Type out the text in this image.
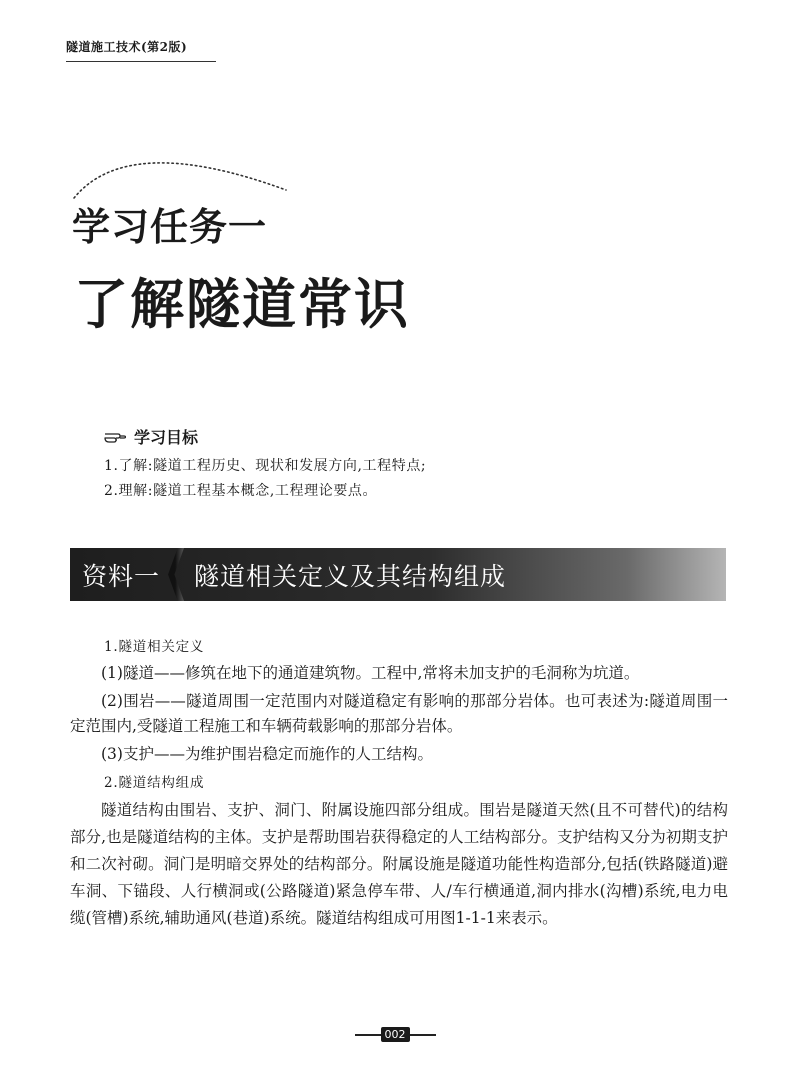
隧道施工技术(第2版)
学习任务一
了解隧道常识
学习目标
1.了解:隧道工程历史、现状和发展方向,工程特点;
2.理解:隧道工程基本概念,工程理论要点。
资料一 隧道相关定义及其结构组成
1.隧道相关定义

(1)隧道——修筑在地下的通道建筑物。工程中,常将未加支护的毛洞称为坑道。

(2)围岩——隧道周围一定范围内对隧道稳定有影响的那部分岩体。也可表述为:隧道周围一定范围内,受隧道工程施工和车辆荷载影响的那部分岩体。

(3)支护——为维护围岩稳定而施作的人工结构。

2.隧道结构组成

隧道结构由围岩、支护、洞门、附属设施四部分组成。围岩是隧道天然(且不可替代)的结构部分,也是隧道结构的主体。支护是帮助围岩获得稳定的人工结构部分。支护结构又分为初期支护和二次衬砌。洞门是明暗交界处的结构部分。附属设施是隧道功能性构造部分,包括(铁路隧道)避车洞、下锚段、人行横洞或(公路隧道)紧急停车带、人/车行横通道,洞内排水(沟槽)系统,电力电缆(管槽)系统,辅助通风(巷道)系统。隧道结构组成可用图1-1-1来表示。

002
